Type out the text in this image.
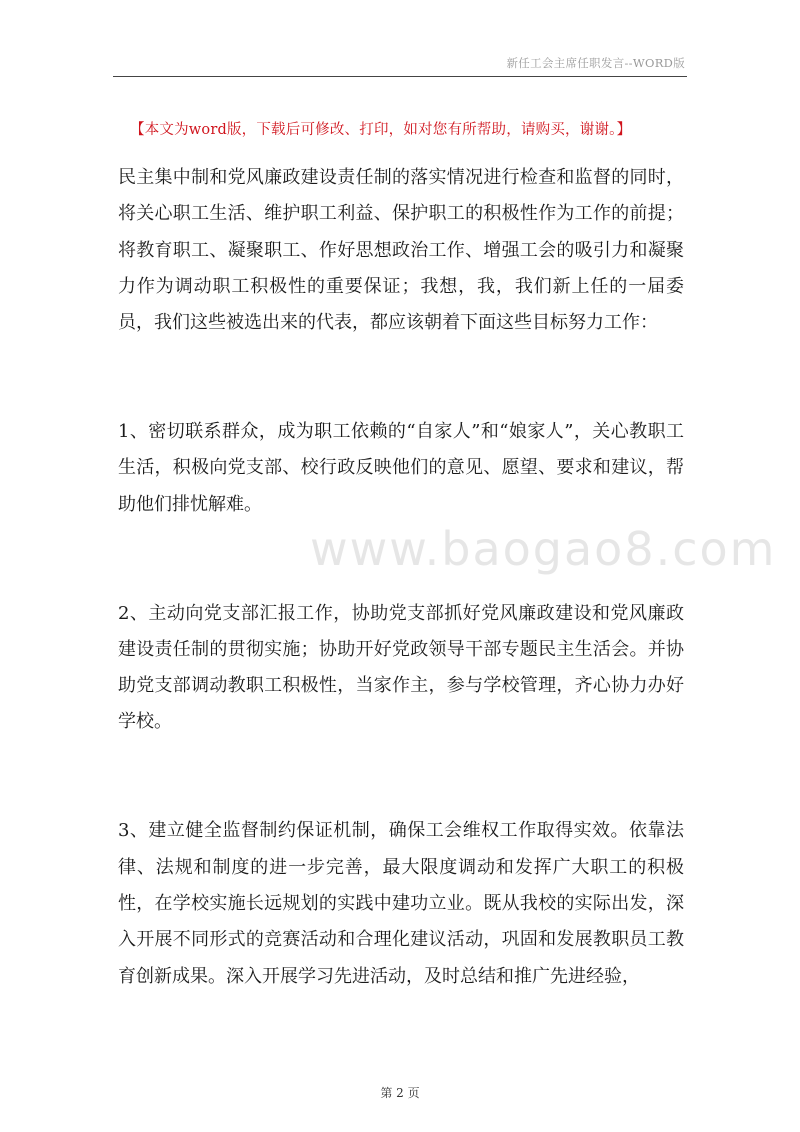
新任工会主席任职发言--WORD版
【本文为word版，下载后可修改、打印，如对您有所帮助，请购买，谢谢。】
www.baogao8.com

民主集中制和党风廉政建设责任制的落实情况进行检查和监督的同时，将关心职工生活、维护职工利益、保护职工的积极性作为工作的前提；将教育职工、凝聚职工、作好思想政治工作、增强工会的吸引力和凝聚力作为调动职工积极性的重要保证；我想，我，我们新上任的一届委员，我们这些被选出来的代表，都应该朝着下面这些目标努力工作：

1、密切联系群众，成为职工依赖的“自家人”和“娘家人”，关心教职工生活，积极向党支部、校行政反映他们的意见、愿望、要求和建议，帮助他们排忧解难。

2、主动向党支部汇报工作，协助党支部抓好党风廉政建设和党风廉政建设责任制的贯彻实施；协助开好党政领导干部专题民主生活会。并协助党支部调动教职工积极性，当家作主，参与学校管理，齐心协力办好学校。

3、建立健全监督制约保证机制，确保工会维权工作取得实效。依靠法律、法规和制度的进一步完善，最大限度调动和发挥广大职工的积极性，在学校实施长远规划的实践中建功立业。既从我校的实际出发，深入开展不同形式的竞赛活动和合理化建议活动，巩固和发展教职员工教育创新成果。深入开展学习先进活动，及时总结和推广先进经验，

第 2 页
